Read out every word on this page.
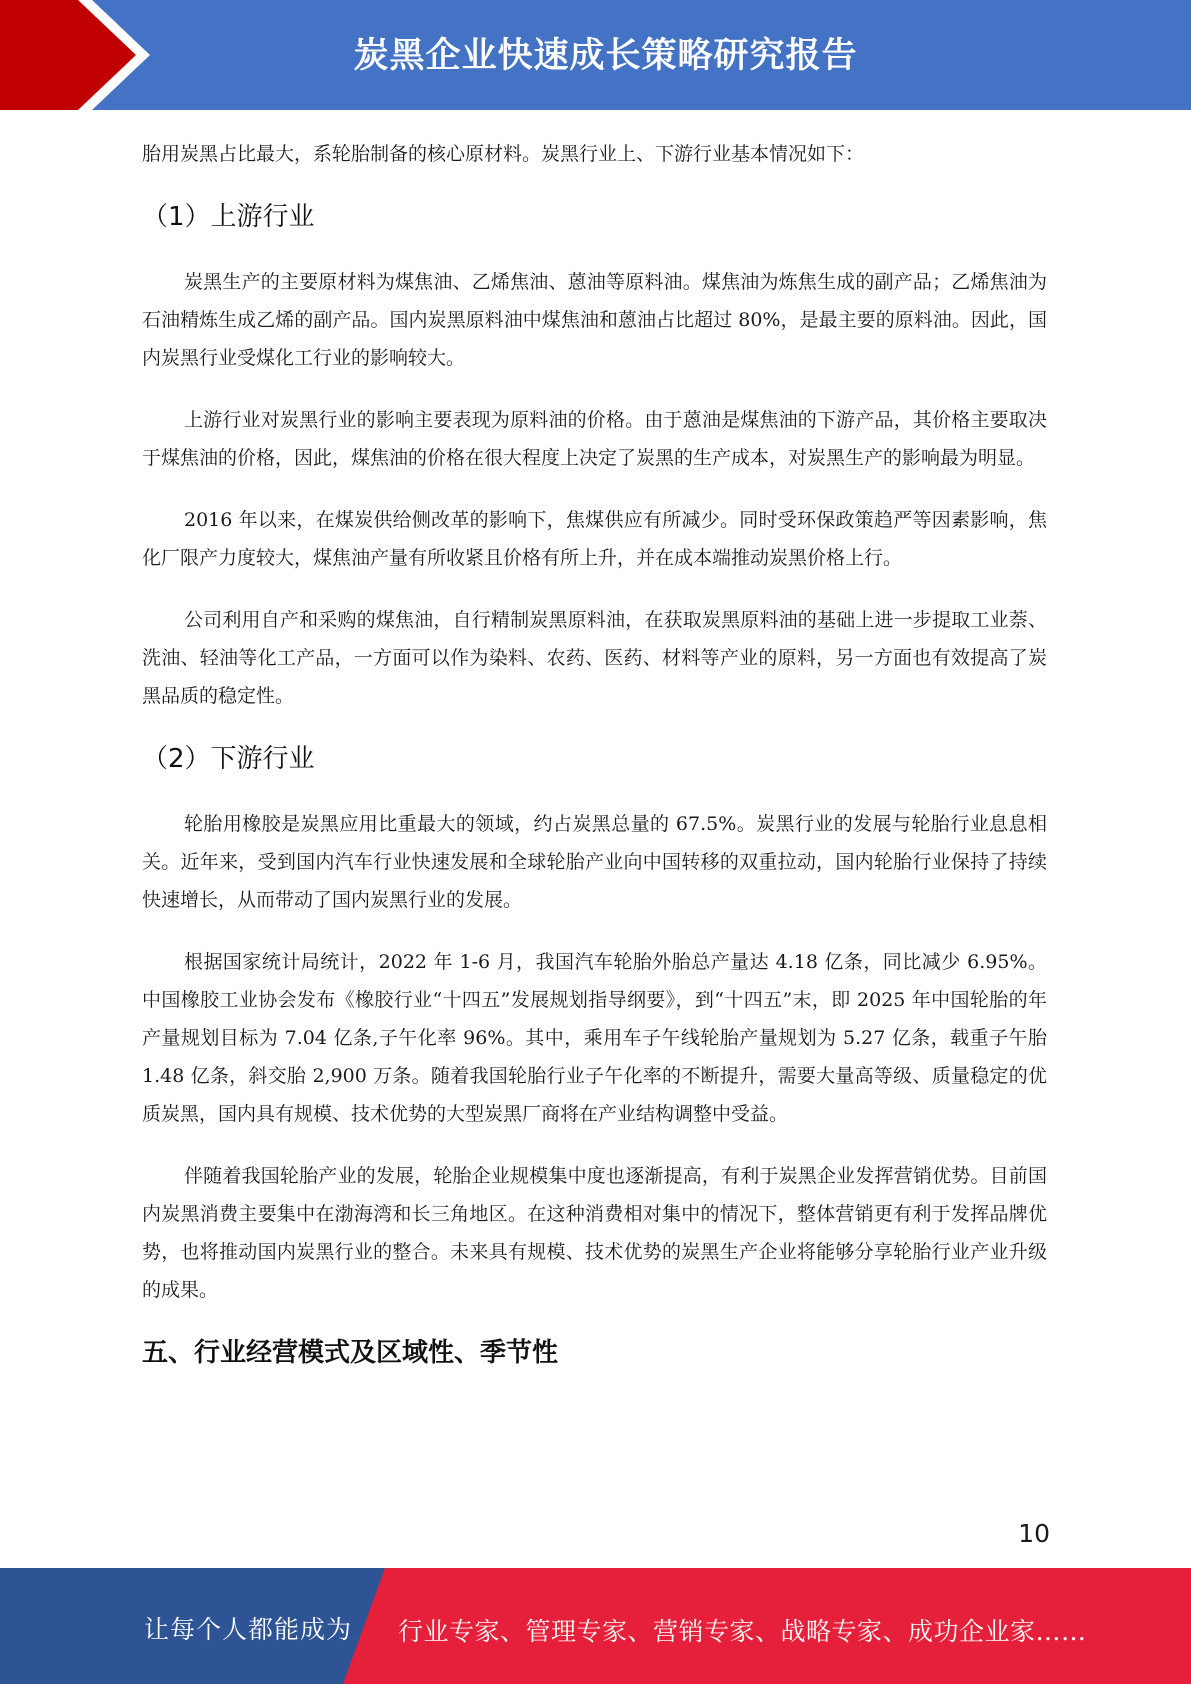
炭黑企业快速成长策略研究报告

胎用炭黑占比最大，系轮胎制备的核心原材料。炭黑行业上、下游行业基本情况如下：

（1）上游行业

炭黑生产的主要原材料为煤焦油、乙烯焦油、蒽油等原料油。煤焦油为炼焦生成的副产品；乙烯焦油为石油精炼生成乙烯的副产品。国内炭黑原料油中煤焦油和蒽油占比超过 80%，是最主要的原料油。因此，国内炭黑行业受煤化工行业的影响较大。

上游行业对炭黑行业的影响主要表现为原料油的价格。由于蒽油是煤焦油的下游产品，其价格主要取决于煤焦油的价格，因此，煤焦油的价格在很大程度上决定了炭黑的生产成本，对炭黑生产的影响最为明显。

2016 年以来，在煤炭供给侧改革的影响下，焦煤供应有所减少。同时受环保政策趋严等因素影响，焦化厂限产力度较大，煤焦油产量有所收紧且价格有所上升，并在成本端推动炭黑价格上行。

公司利用自产和采购的煤焦油，自行精制炭黑原料油，在获取炭黑原料油的基础上进一步提取工业萘、洗油、轻油等化工产品，一方面可以作为染料、农药、医药、材料等产业的原料，另一方面也有效提高了炭黑品质的稳定性。

（2）下游行业

轮胎用橡胶是炭黑应用比重最大的领域，约占炭黑总量的 67.5%。炭黑行业的发展与轮胎行业息息相关。近年来，受到国内汽车行业快速发展和全球轮胎产业向中国转移的双重拉动，国内轮胎行业保持了持续快速增长，从而带动了国内炭黑行业的发展。

根据国家统计局统计，2022 年 1-6 月，我国汽车轮胎外胎总产量达 4.18 亿条，同比减少 6.95%。中国橡胶工业协会发布《橡胶行业“十四五”发展规划指导纲要》，到“十四五”末，即 2025 年中国轮胎的年产量规划目标为 7.04 亿条,子午化率 96%。其中，乘用车子午线轮胎产量规划为 5.27 亿条，载重子午胎 1.48 亿条，斜交胎 2,900 万条。随着我国轮胎行业子午化率的不断提升，需要大量高等级、质量稳定的优质炭黑，国内具有规模、技术优势的大型炭黑厂商将在产业结构调整中受益。

伴随着我国轮胎产业的发展，轮胎企业规模集中度也逐渐提高，有利于炭黑企业发挥营销优势。目前国内炭黑消费主要集中在渤海湾和长三角地区。在这种消费相对集中的情况下，整体营销更有利于发挥品牌优势，也将推动国内炭黑行业的整合。未来具有规模、技术优势的炭黑生产企业将能够分享轮胎行业产业升级的成果。

五、行业经营模式及区域性、季节性
10
让每个人都能成为 行业专家、管理专家、营销专家、战略专家、成功企业家……
